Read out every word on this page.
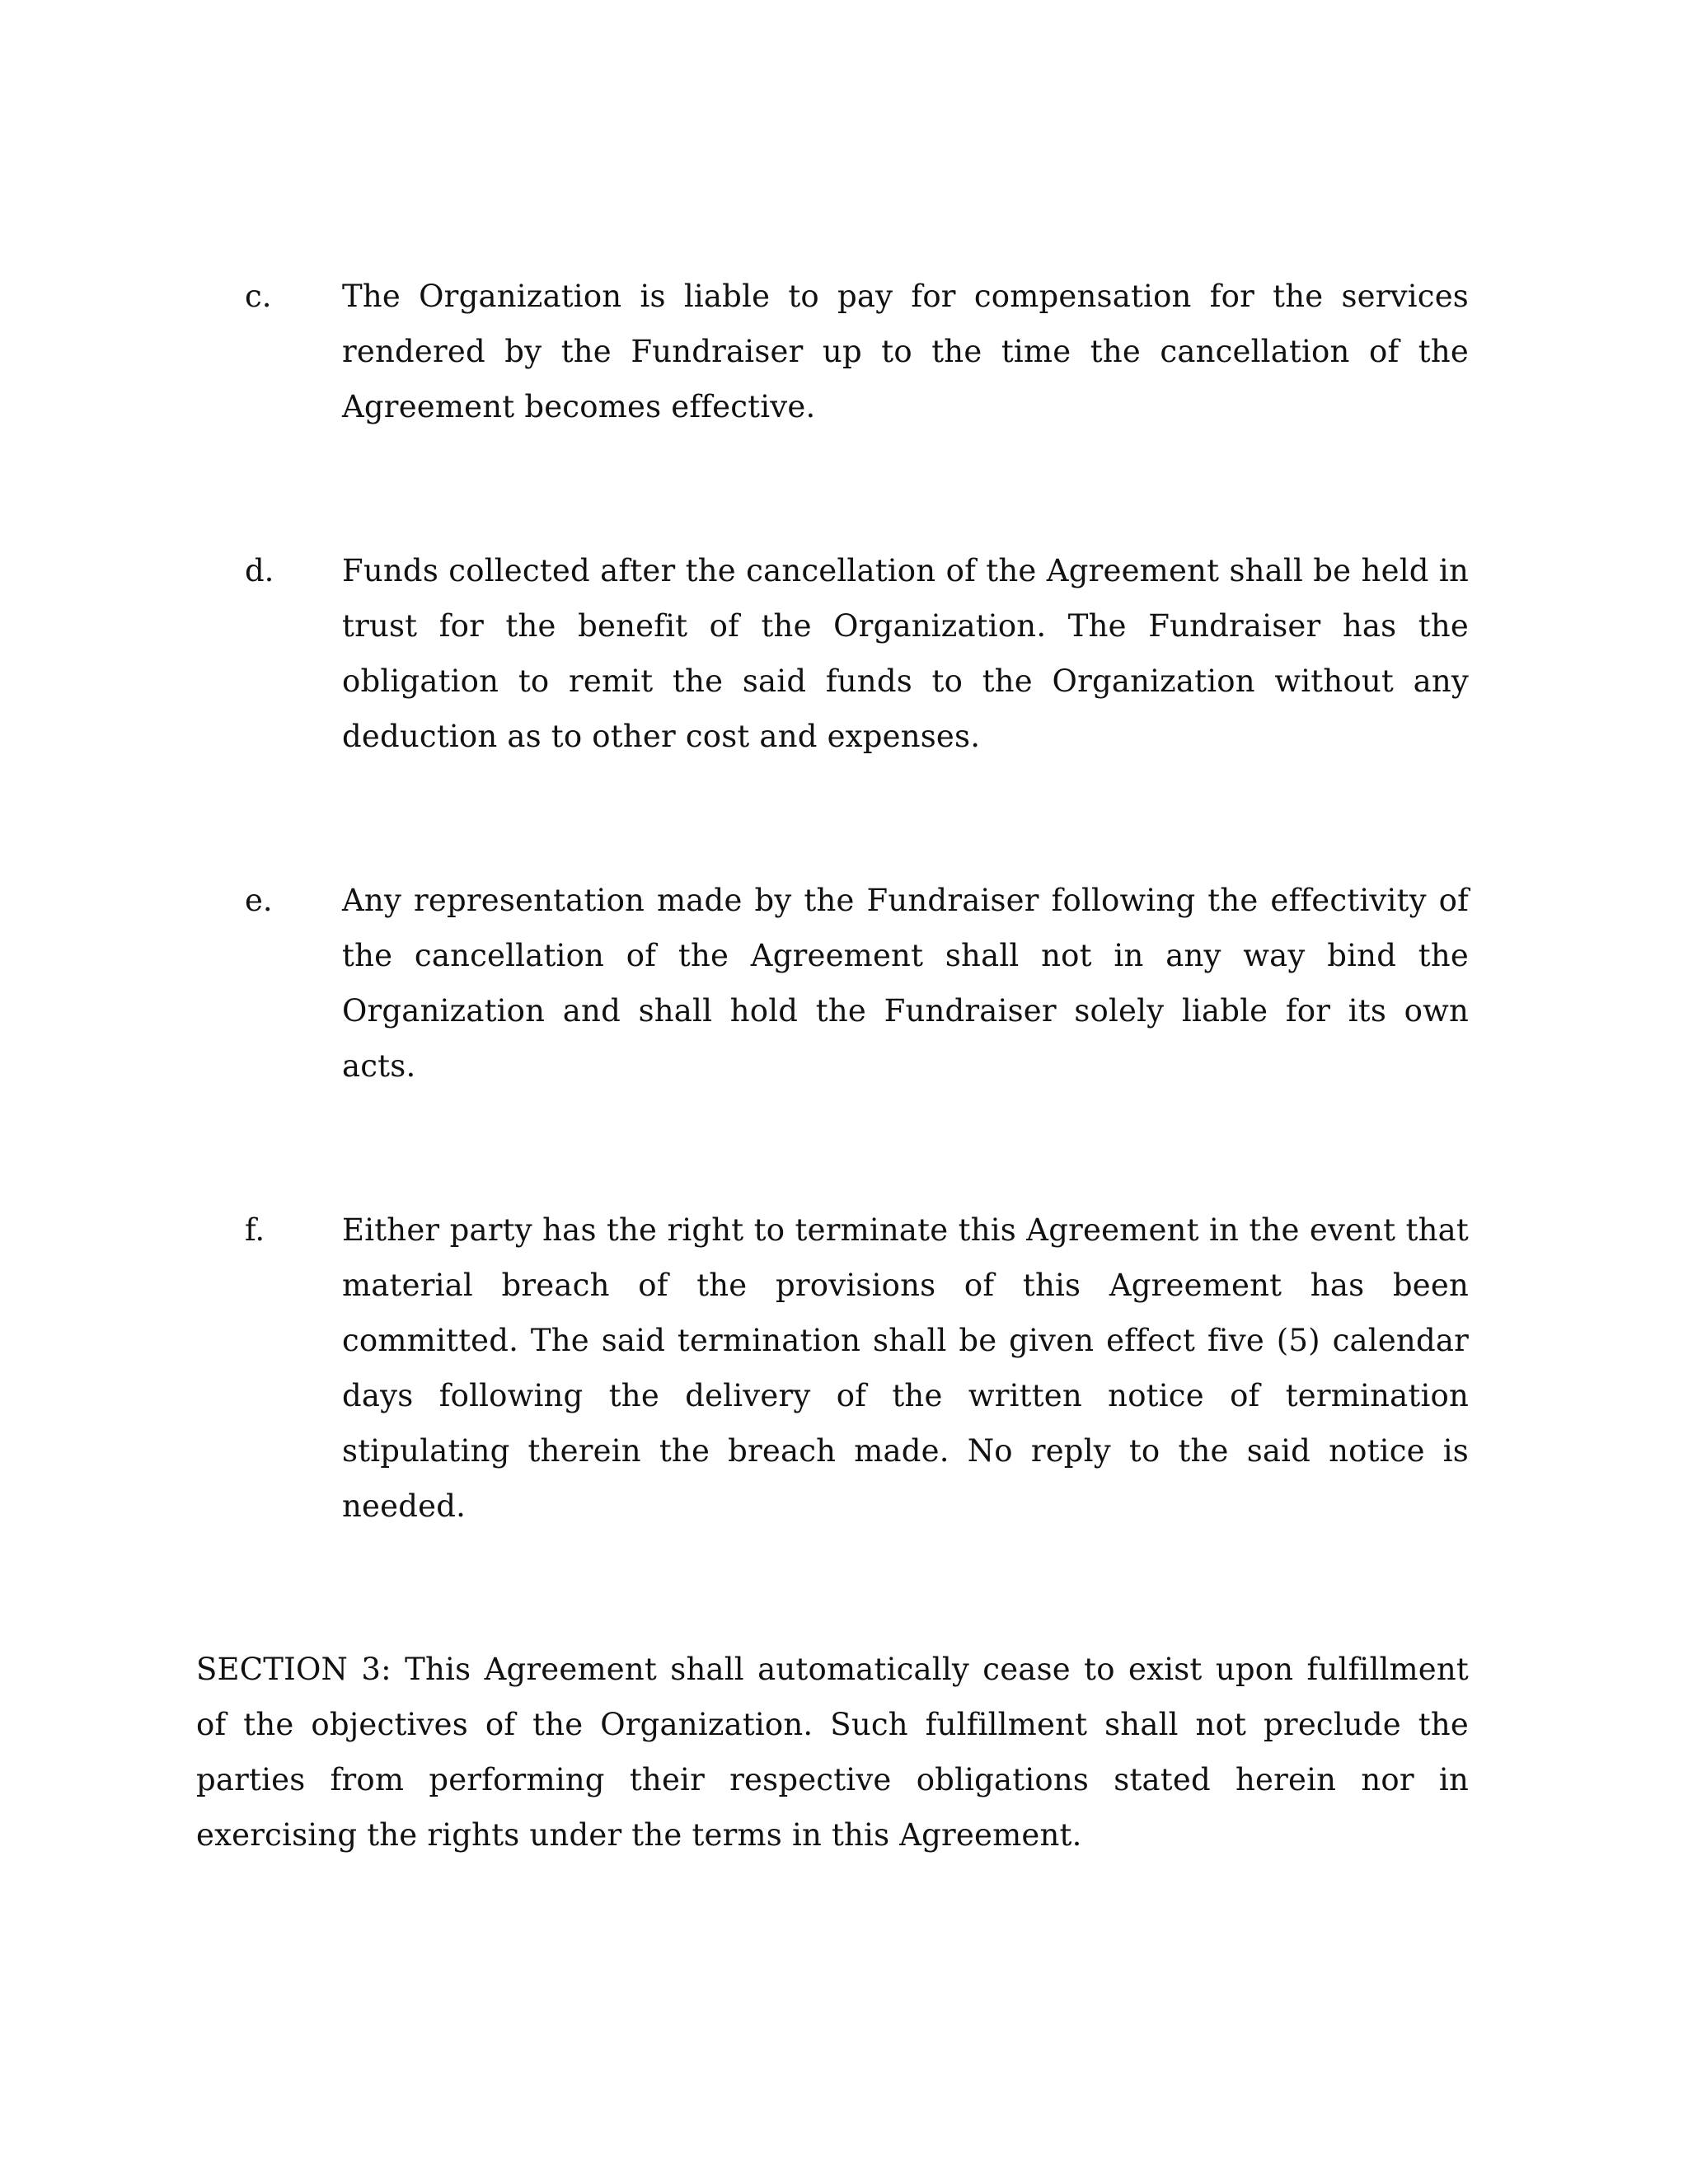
c. The Organization is liable to pay for compensation for the services rendered by the Fundraiser up to the time the cancellation of the Agreement becomes effective.

d. Funds collected after the cancellation of the Agreement shall be held in trust for the benefit of the Organization. The Fundraiser has the obligation to remit the said funds to the Organization without any deduction as to other cost and expenses.

e. Any representation made by the Fundraiser following the effectivity of the cancellation of the Agreement shall not in any way bind the Organization and shall hold the Fundraiser solely liable for its own acts.

f.	Either party has the right to terminate this Agreement in the event that material breach of the provisions of this Agreement has been committed. The said termination shall be given effect five (5) calendar days following the delivery of the written notice of termination stipulating therein the breach made. No reply to the said notice is needed.

SECTION 3: This Agreement shall automatically cease to exist upon fulfillment of the objectives of the Organization. Such fulfillment shall not preclude the parties from performing their respective obligations stated herein nor in exercising the rights under the terms in this Agreement.
